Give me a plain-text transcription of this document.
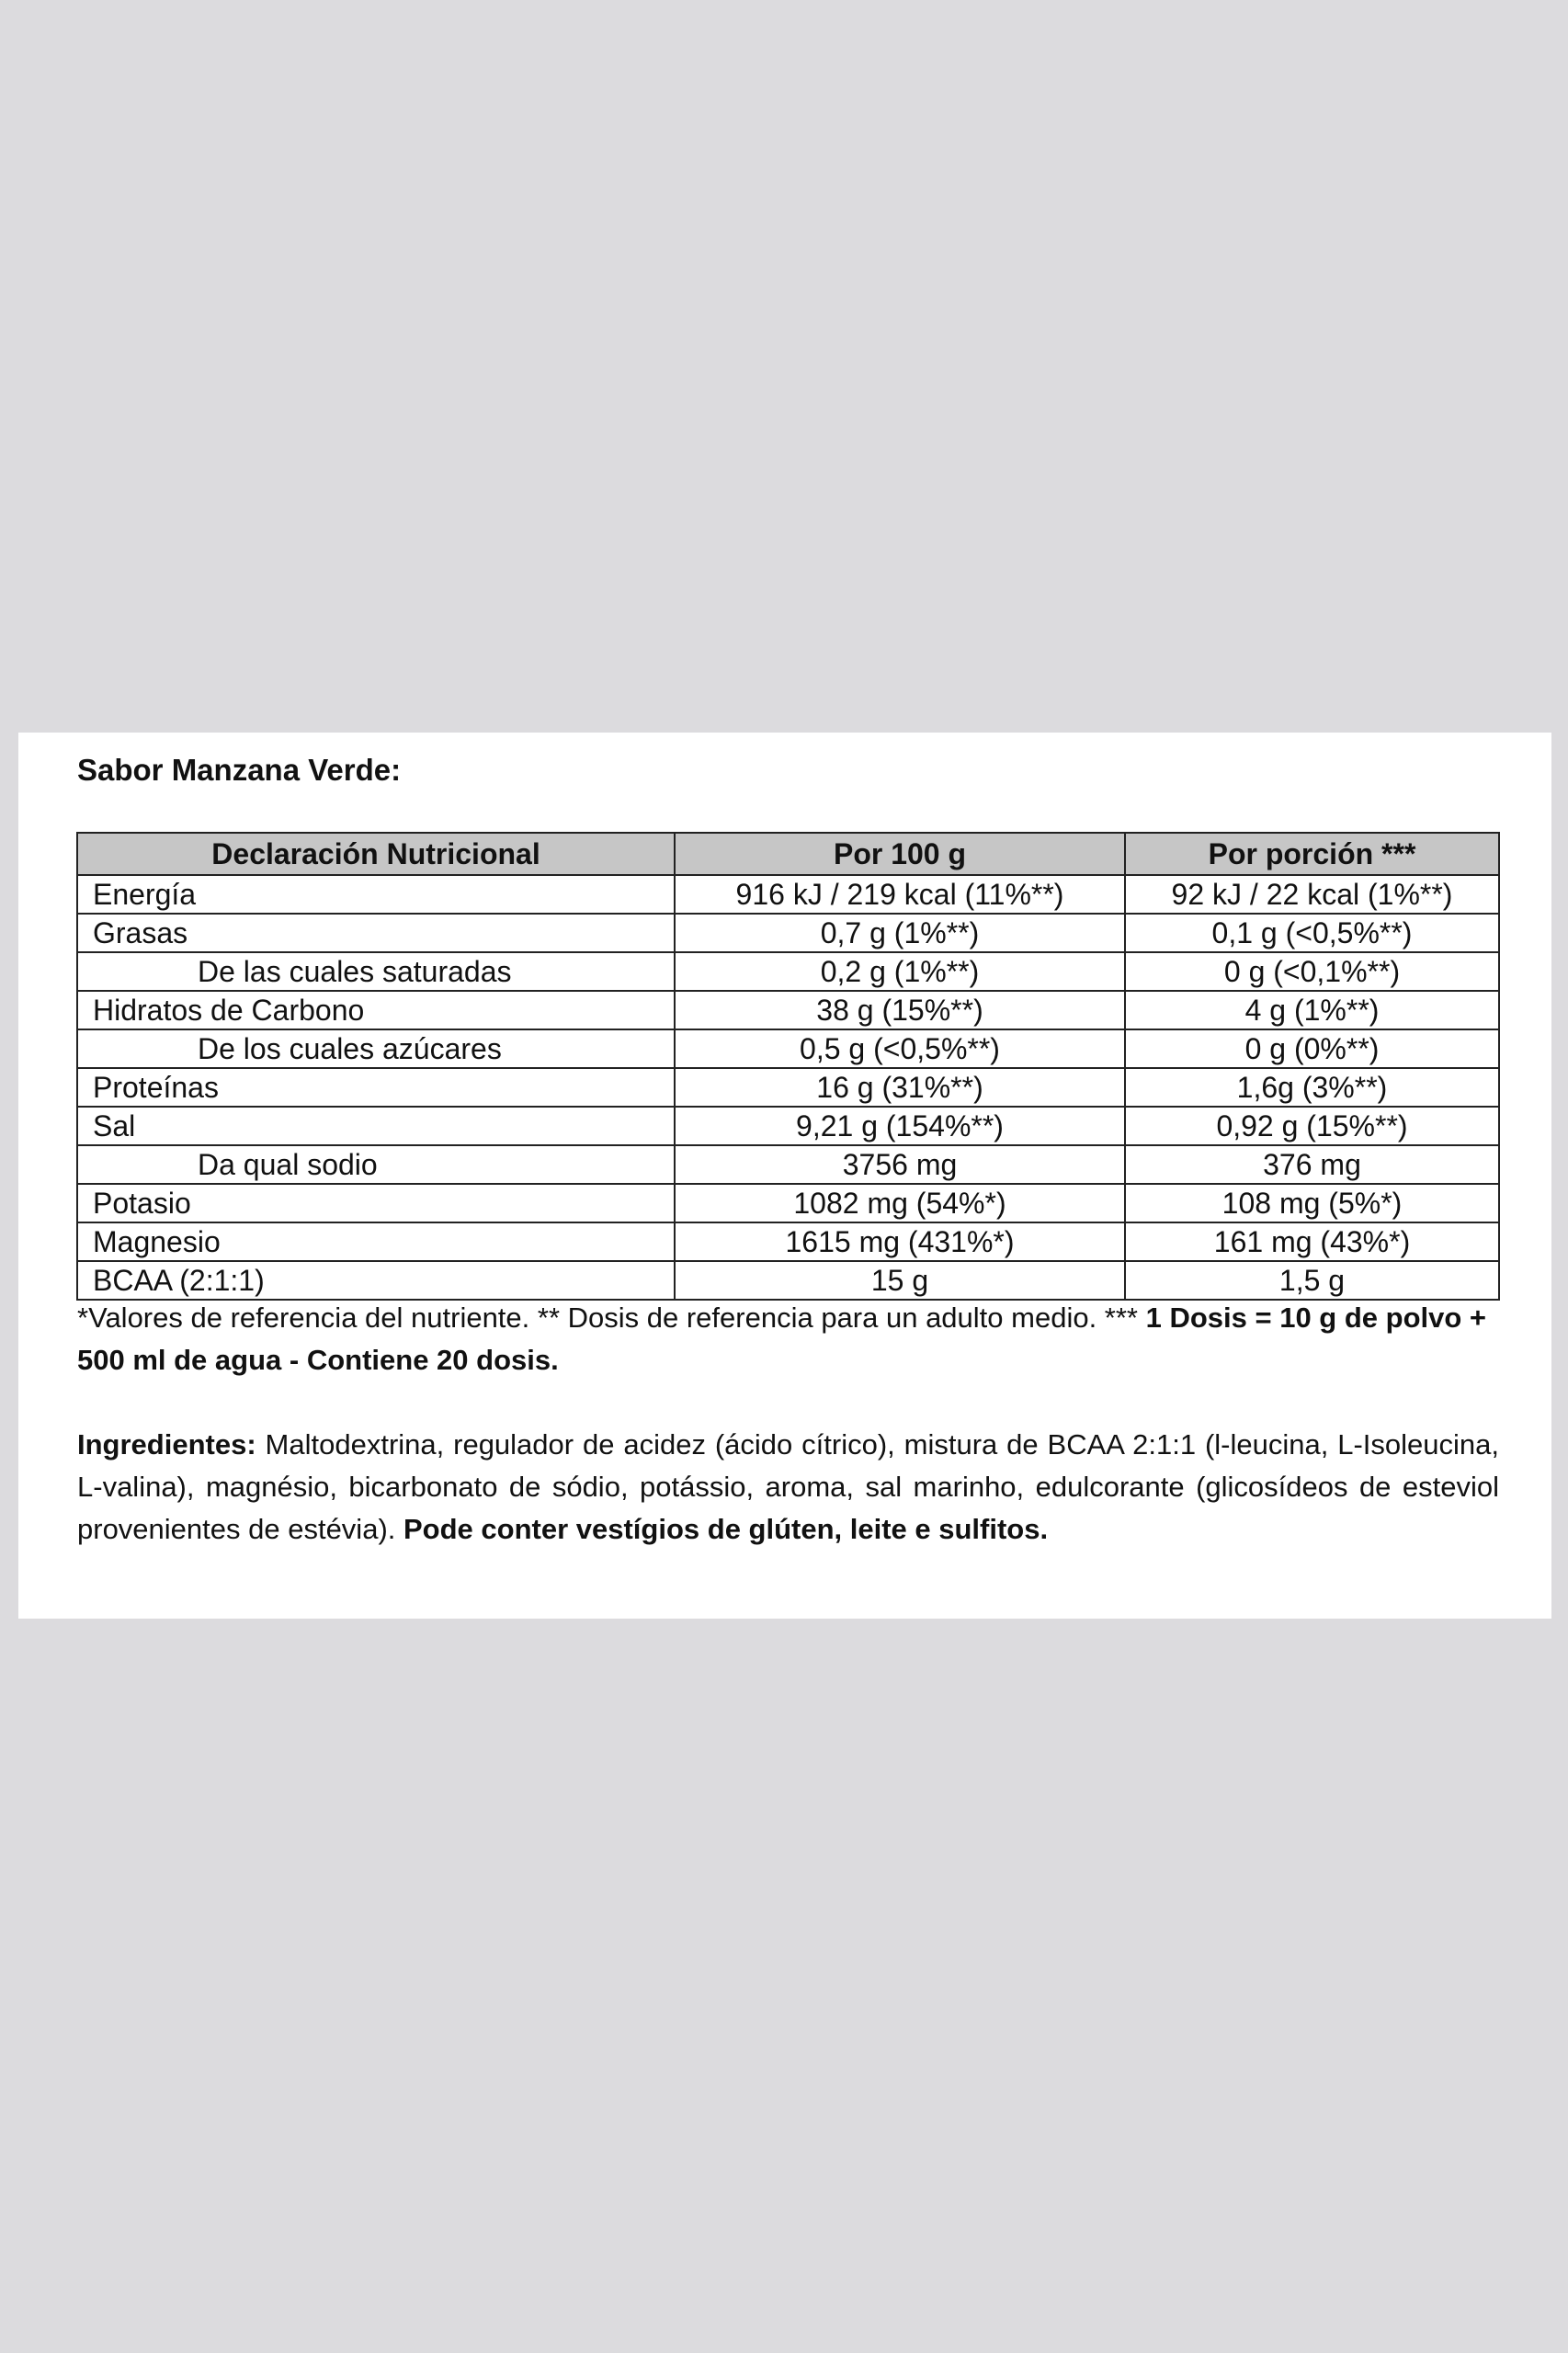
Sabor Manzana Verde:

Declaración Nutricional	Por 100 g	Por porción ***
Energía	916 kJ / 219 kcal (11%**)	92 kJ / 22 kcal (1%**)
Grasas	0,7 g (1%**)	0,1 g (<0,5%**)
De las cuales saturadas	0,2 g (1%**)	0 g (<0,1%**)
Hidratos de Carbono	38 g (15%**)	4 g (1%**)
De los cuales azúcares	0,5 g (<0,5%**)	0 g (0%**)
Proteínas	16 g (31%**)	1,6g (3%**)
Sal	9,21 g (154%**)	0,92 g (15%**)
Da qual sodio	3756 mg	376 mg
Potasio	1082 mg (54%*)	108 mg (5%*)
Magnesio	1615 mg (431%*)	161 mg (43%*)
BCAA (2:1:1)	15 g	1,5 g

*Valores de referencia del nutriente. ** Dosis de referencia para un adulto medio. *** 1 Dosis = 10 g de polvo + 500 ml de agua - Contiene 20 dosis.

Ingredientes: Maltodextrina, regulador de acidez (ácido cítrico), mistura de BCAA 2:1:1 (l-leucina, L-Isoleucina, L-valina), magnésio, bicarbonato de sódio, potássio, aroma, sal marinho, edulcorante (glicosídeos de esteviol provenientes de estévia). Pode conter vestígios de glúten, leite e sulfitos.
